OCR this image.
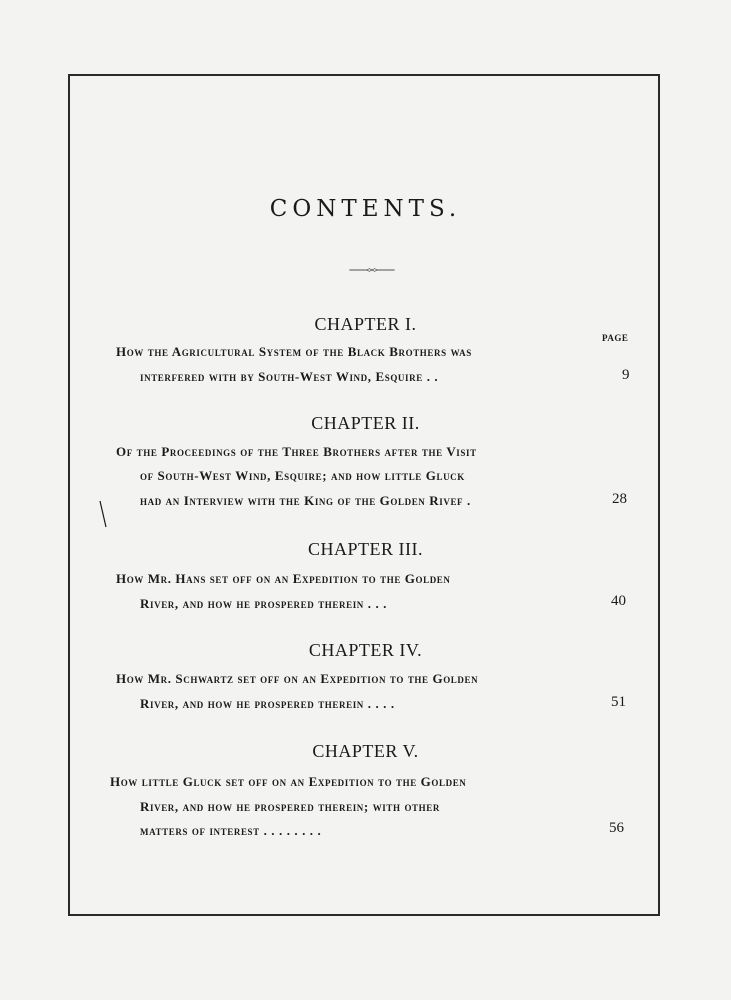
CONTENTS.
CHAPTER I.
PAGE
How the Agricultural System of the Black Brothers was
interfered with by South-West Wind, Esquire . .	9
CHAPTER II.
Of the Proceedings of the Three Brothers after the Visit
of South-West Wind, Esquire; and how little Gluck
had an Interview with the King of the Golden Rivef .	28
CHAPTER III.
How Mr. Hans set off on an Expedition to the Golden
River, and how he prospered therein . . .	40
CHAPTER IV.
How Mr. Schwartz set off on an Expedition to the Golden
River, and how he prospered therein . . . .	51
CHAPTER V.
How little Gluck set off on an Expedition to the Golden
River, and how he prospered therein; with other
matters of interest . . . . . . . .	56
